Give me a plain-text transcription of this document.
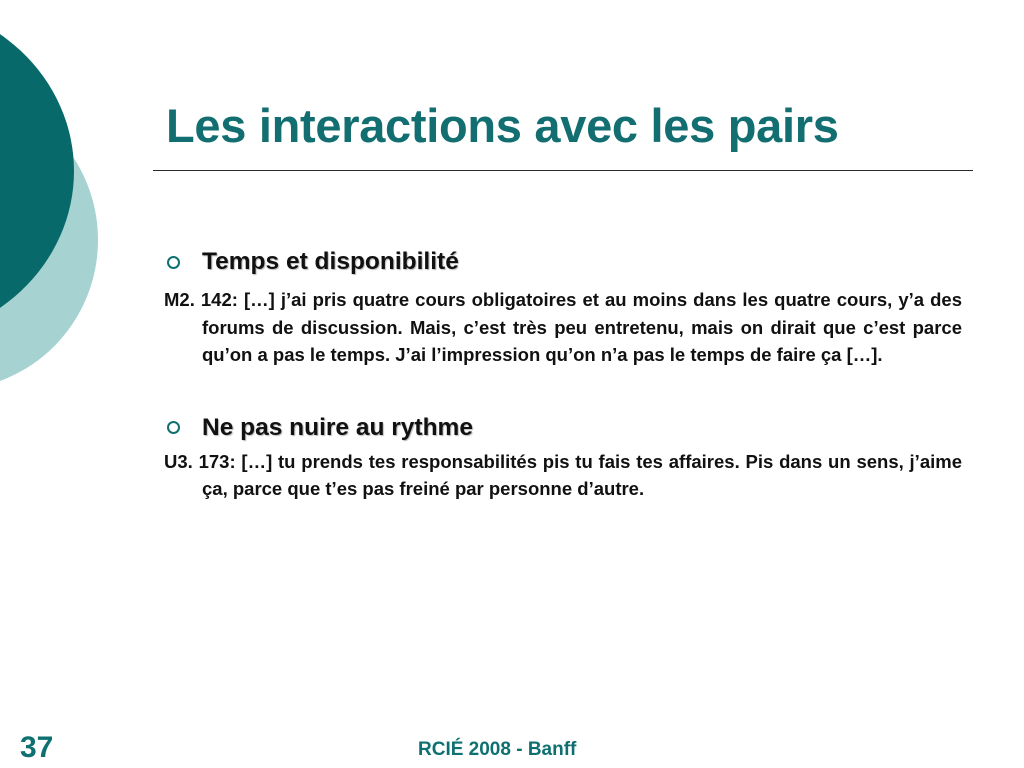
Les interactions avec les pairs
Temps et disponibilité

M2. 142: […] j’ai pris quatre cours obligatoires et au moins dans les quatre cours, y’a des forums de discussion. Mais, c’est très peu entretenu, mais on dirait que c’est parce qu’on a pas le temps. J’ai l’impression qu’on n’a pas le temps de faire ça […].

Ne pas nuire au rythme

U3. 173: […] tu prends tes responsabilités pis tu fais tes affaires. Pis dans un sens, j’aime ça, parce que t’es pas freiné par personne d’autre.

37	RCIÉ 2008 - Banff
